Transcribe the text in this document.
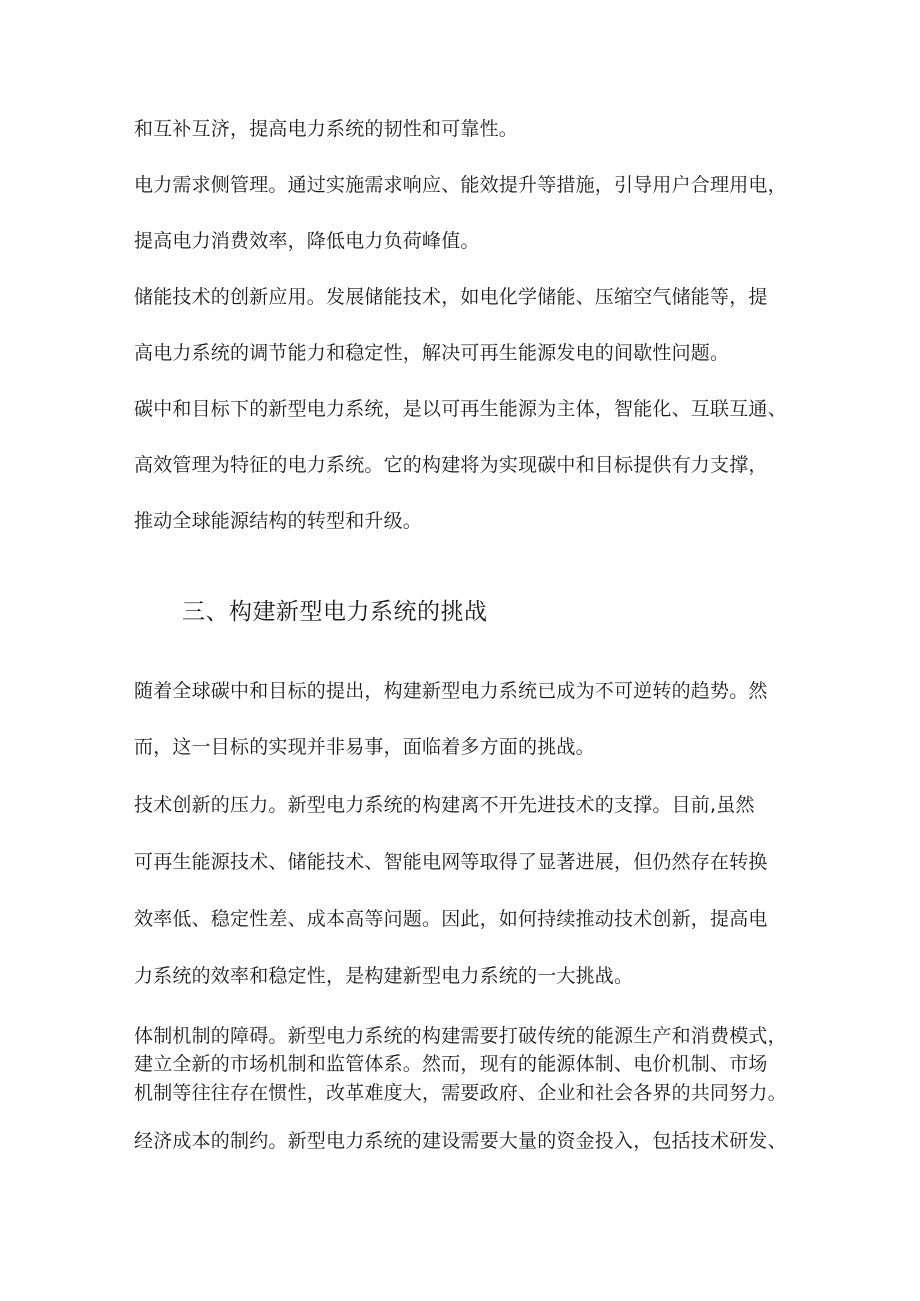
和互补互济，提高电力系统的韧性和可靠性。
电力需求侧管理。通过实施需求响应、能效提升等措施，引导用户合理用电，
提高电力消费效率，降低电力负荷峰值。
储能技术的创新应用。发展储能技术，如电化学储能、压缩空气储能等，提
高电力系统的调节能力和稳定性，解决可再生能源发电的间歇性问题。
碳中和目标下的新型电力系统，是以可再生能源为主体，智能化、互联互通、
高效管理为特征的电力系统。它的构建将为实现碳中和目标提供有力支撑，
推动全球能源结构的转型和升级。
三、构建新型电力系统的挑战
随着全球碳中和目标的提出，构建新型电力系统已成为不可逆转的趋势。然
而，这一目标的实现并非易事，面临着多方面的挑战。
技术创新的压力。新型电力系统的构建离不开先进技术的支撑。目前,虽然
可再生能源技术、储能技术、智能电网等取得了显著进展，但仍然存在转换
效率低、稳定性差、成本高等问题。因此，如何持续推动技术创新，提高电
力系统的效率和稳定性，是构建新型电力系统的一大挑战。
体制机制的障碍。新型电力系统的构建需要打破传统的能源生产和消费模式，
建立全新的市场机制和监管体系。然而，现有的能源体制、电价机制、市场
机制等往往存在惯性，改革难度大，需要政府、企业和社会各界的共同努力。
经济成本的制约。新型电力系统的建设需要大量的资金投入，包括技术研发、
